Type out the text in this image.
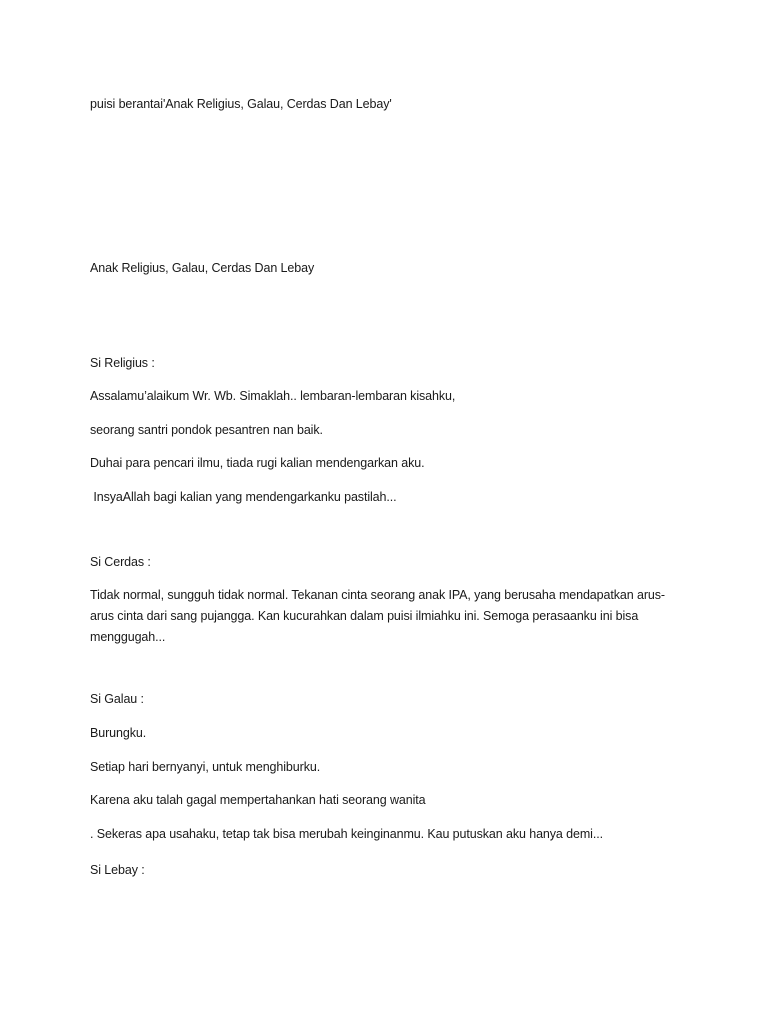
puisi berantai'Anak Religius, Galau, Cerdas Dan Lebay'
Anak Religius, Galau, Cerdas Dan Lebay
Si Religius :
Assalamu’alaikum Wr. Wb. Simaklah.. lembaran-lembaran kisahku,
seorang santri pondok pesantren nan baik.
Duhai para pencari ilmu, tiada rugi kalian mendengarkan aku.
InsyaAllah bagi kalian yang mendengarkanku pastilah...
Si Cerdas :
Tidak normal, sungguh tidak normal. Tekanan cinta seorang anak IPA, yang berusaha mendapatkan arus-arus cinta dari sang pujangga. Kan kucurahkan dalam puisi ilmiahku ini. Semoga perasaanku ini bisa menggugah...
Si Galau :
Burungku.
Setiap hari bernyanyi, untuk menghiburku.
Karena aku talah gagal mempertahankan hati seorang wanita
. Sekeras apa usahaku, tetap tak bisa merubah keinginanmu. Kau putuskan aku hanya demi...
Si Lebay :
